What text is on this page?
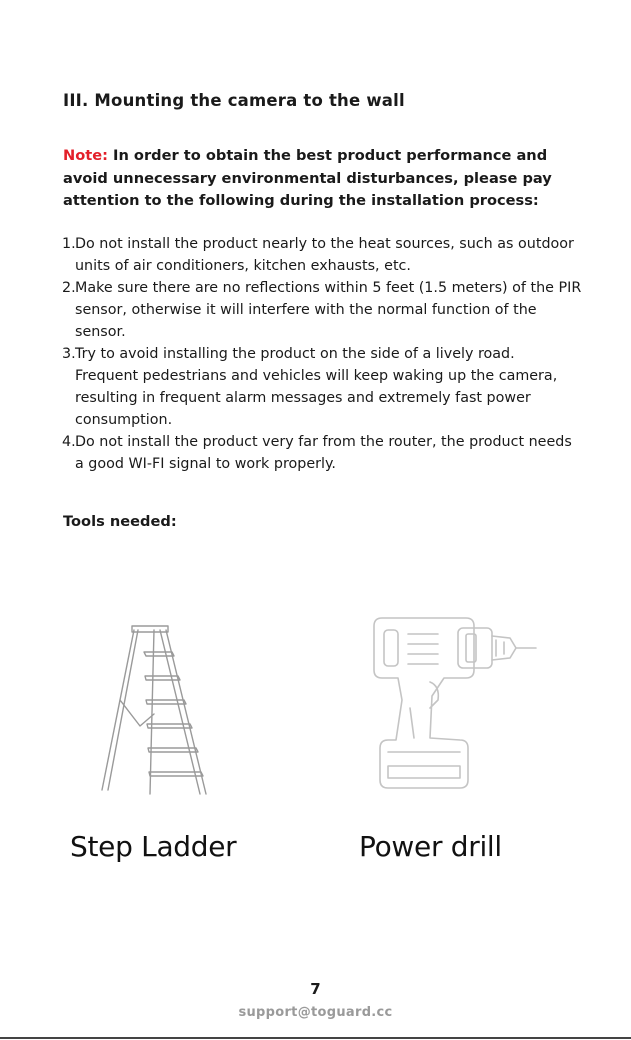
III. Mounting the camera to the wall

Note: In order to obtain the best product performance and avoid unnecessary environmental disturbances, please pay attention to the following during the installation process:

1. Do not install the product nearly to the heat sources, such as outdoor units of air conditioners, kitchen exhausts, etc.
2. Make sure there are no reflections within 5 feet (1.5 meters) of the PIR sensor, otherwise it will interfere with the normal function of the sensor.
3. Try to avoid installing the product on the side of a lively road. Frequent pedestrians and vehicles will keep waking up the camera, resulting in frequent alarm messages and extremely fast power consumption.
4. Do not install the product very far from the router, the product needs a good WI-FI signal to work properly.
Tools needed:

Step Ladder	Power drill

7

support@toguard.cc
